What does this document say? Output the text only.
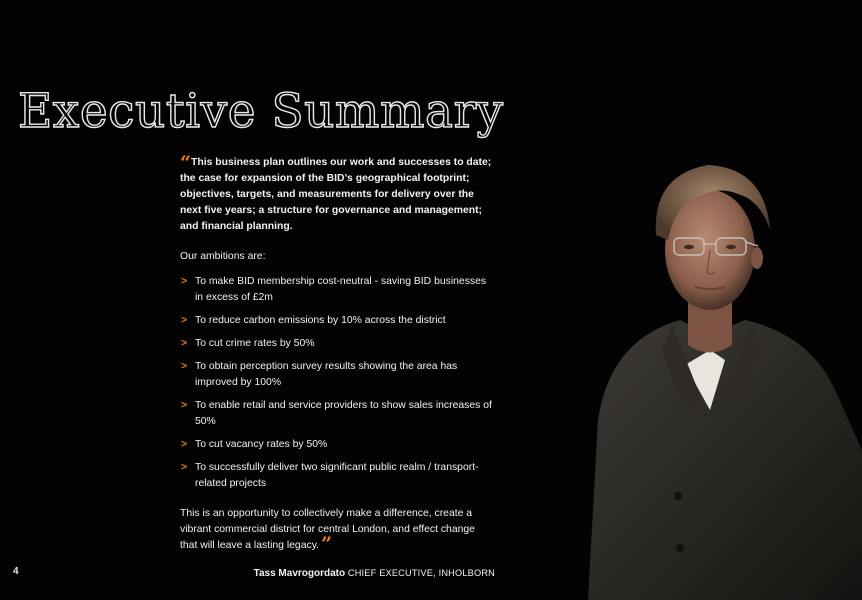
Executive Summary

“ This business plan outlines our work and successes to date; the case for expansion of the BID’s geographical footprint; objectives, targets, and measurements for delivery over the next five years; a structure for governance and management; and financial planning.

Our ambitions are:

> To make BID membership cost-neutral - saving BID businesses in excess of £2m
> To reduce carbon emissions by 10% across the district
> To cut crime rates by 50%
> To obtain perception survey results showing the area has improved by 100%
> To enable retail and service providers to show sales increases of 50%
> To cut vacancy rates by 50%
> To successfully deliver two significant public realm / transport-related projects

This is an opportunity to collectively make a difference, create a vibrant commercial district for central London, and effect change that will leave a lasting legacy. ”

Tass Mavrogordato CHIEF EXECUTIVE, INHOLBORN
4
